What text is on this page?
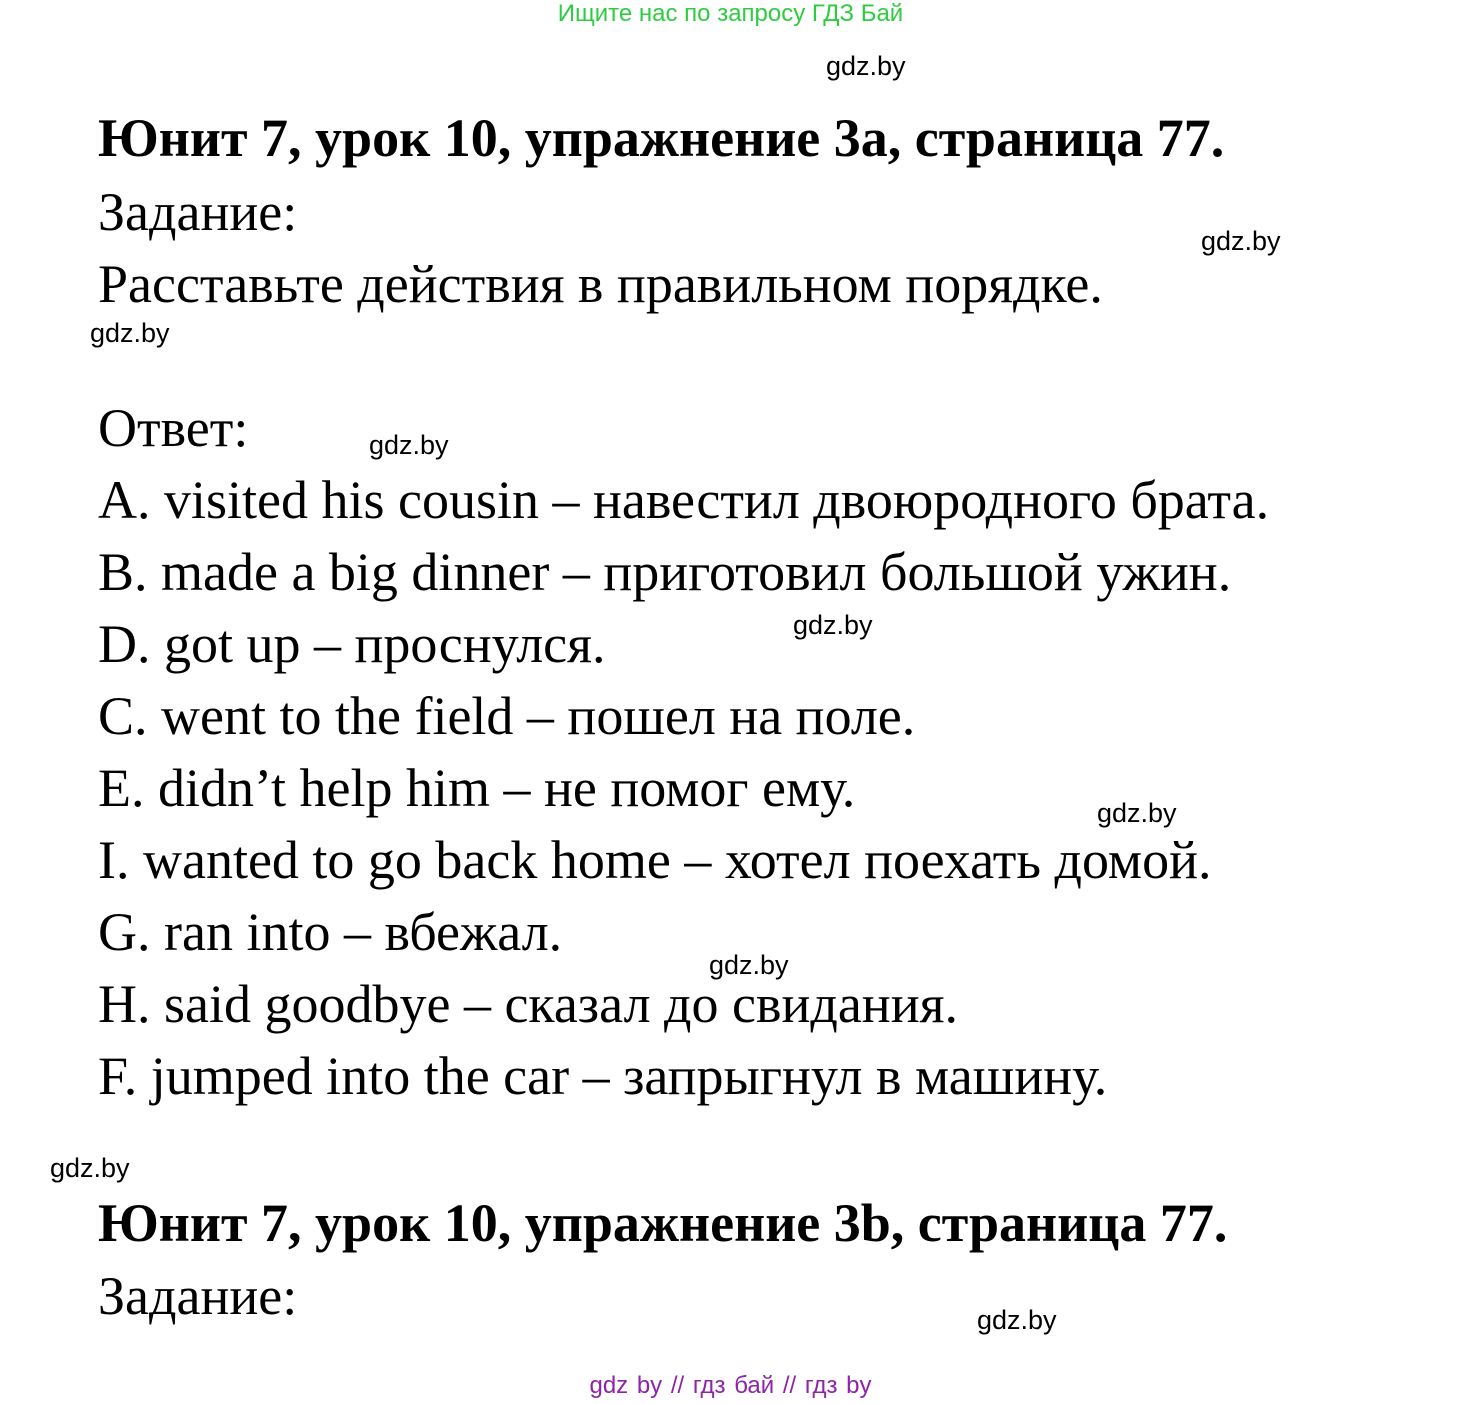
Ищите нас по запросу ГДЗ Бай
gdz.by
gdz.by
gdz.by
gdz.by
gdz.by
gdz.by
gdz.by
gdz.by
gdz.by
Юнит 7, урок 10, упражнение 3a, страница 77.
Задание:
Расставьте действия в правильном порядке.
Ответ:
A. visited his cousin – навестил двоюродного брата.
B. made a big dinner – приготовил большой ужин.
D. got up – проснулся.
C. went to the field – пошел на поле.
E. didn’t help him – не помог ему.
I. wanted to go back home – хотел поехать домой.
G. ran into – вбежал.
H. said goodbye – сказал до свидания.
F. jumped into the car – запрыгнул в машину.
Юнит 7, урок 10, упражнение 3b, страница 77.
Задание:
gdz by // гдз бай // гдз by
